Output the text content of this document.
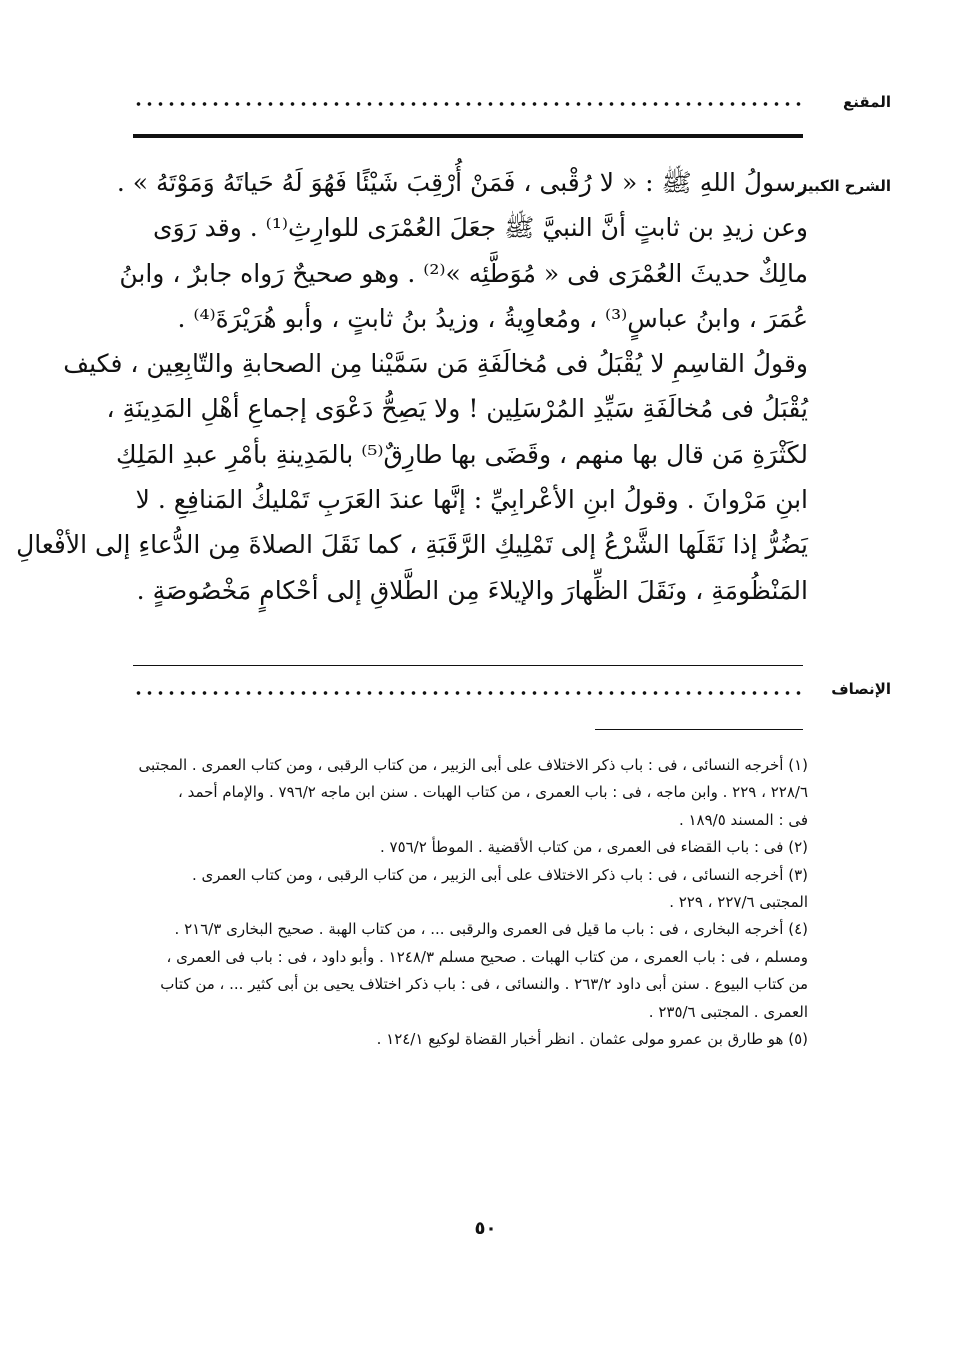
المقنع
الشرح الكبير
رسولُ اللهِ ﷺ : « لا رُقْبى ، فَمَنْ أُرْقِبَ شَيْئًا فَهُوَ لَهُ حَياتَهُ وَمَوْتَهُ » .
وعن زيدِ بن ثابتٍ أنَّ النبيَّ ﷺ جعَلَ العُمْرَى للوارِثِ⁽¹⁾ . وقد رَوَى
مالِكٌ حديثَ العُمْرَى فى « مُوَطَّئِه »⁽²⁾ . وهو صحيحٌ رَواه جابرٌ ، وابنُ
عُمَرَ ، وابنُ عباسٍ⁽³⁾ ، ومُعاوِيةُ ، وزيدُ بنُ ثابتٍ ، وأبو هُرَيْرَةَ⁽⁴⁾ .
وقولُ القاسِمِ لا يُقْبَلُ فى مُخالَفَةِ مَن سَمَّيْنا مِن الصحابةِ والتّابِعِين ، فكيف
يُقْبَلُ فى مُخالَفَةِ سَيِّدِ المُرْسَلِين ! ولا يَصِحُّ دَعْوَى إجماعِ أهْلِ المَدِينَةِ ،
لكَثْرَةِ مَن قال بها منهم ، وقَضَى بها طارِقٌ⁽⁵⁾ بالمَدِينةِ بأمْرِ عبدِ المَلِكِ
ابنِ مَرْوانَ . وقولُ ابنِ الأعْرابِيِّ : إنَّها عندَ العَرَبِ تَمْليكُ المَنافِعِ . لا
يَضُرُّ إذا نَقَلَها الشَّرْعُ إلى تَمْلِيكِ الرَّقَبَةِ ، كما نَقَلَ الصلاةَ مِن الدُّعاءِ إلى الأفْعالِ
المَنْظُومَةِ ، ونَقَلَ الظِّهارَ والإيلاءَ مِن الطَّلاقِ إلى أحْكامٍ مَخْصُوصَةٍ .
الإنصاف
(١) أخرجه النسائى ، فى : باب ذكر الاختلاف على أبى الزبير ، من كتاب الرقبى ، ومن كتاب العمرى . المجتبى
٢٢٨/٦ ، ٢٢٩ . وابن ماجه ، فى : باب العمرى ، من كتاب الهبات . سنن ابن ماجه ٧٩٦/٢ . والإمام أحمد ،
فى : المسند ١٨٩/٥ .
(٢) فى : باب القضاء فى العمرى ، من كتاب الأقضية . الموطأ ٧٥٦/٢ .
(٣) أخرجه النسائى ، فى : باب ذكر الاختلاف على أبى الزبير ، من كتاب الرقبى ، ومن كتاب العمرى .
المجتبى ٢٢٧/٦ ، ٢٢٩ .
(٤) أخرجه البخارى ، فى : باب ما قيل فى العمرى والرقبى ... ، من كتاب الهبة . صحيح البخارى ٢١٦/٣ .
ومسلم ، فى : باب العمرى ، من كتاب الهبات . صحيح مسلم ١٢٤٨/٣ . وأبو داود ، فى : باب فى العمرى ،
من كتاب البيوع . سنن أبى داود ٢٦٣/٢ . والنسائى ، فى : باب ذكر اختلاف يحيى بن أبى كثير ... ، من كتاب
العمرى . المجتبى ٢٣٥/٦ .
(٥) هو طارق بن عمرو مولى عثمان . انظر أخبار القضاة لوكيع ١٢٤/١ .
٥٠
